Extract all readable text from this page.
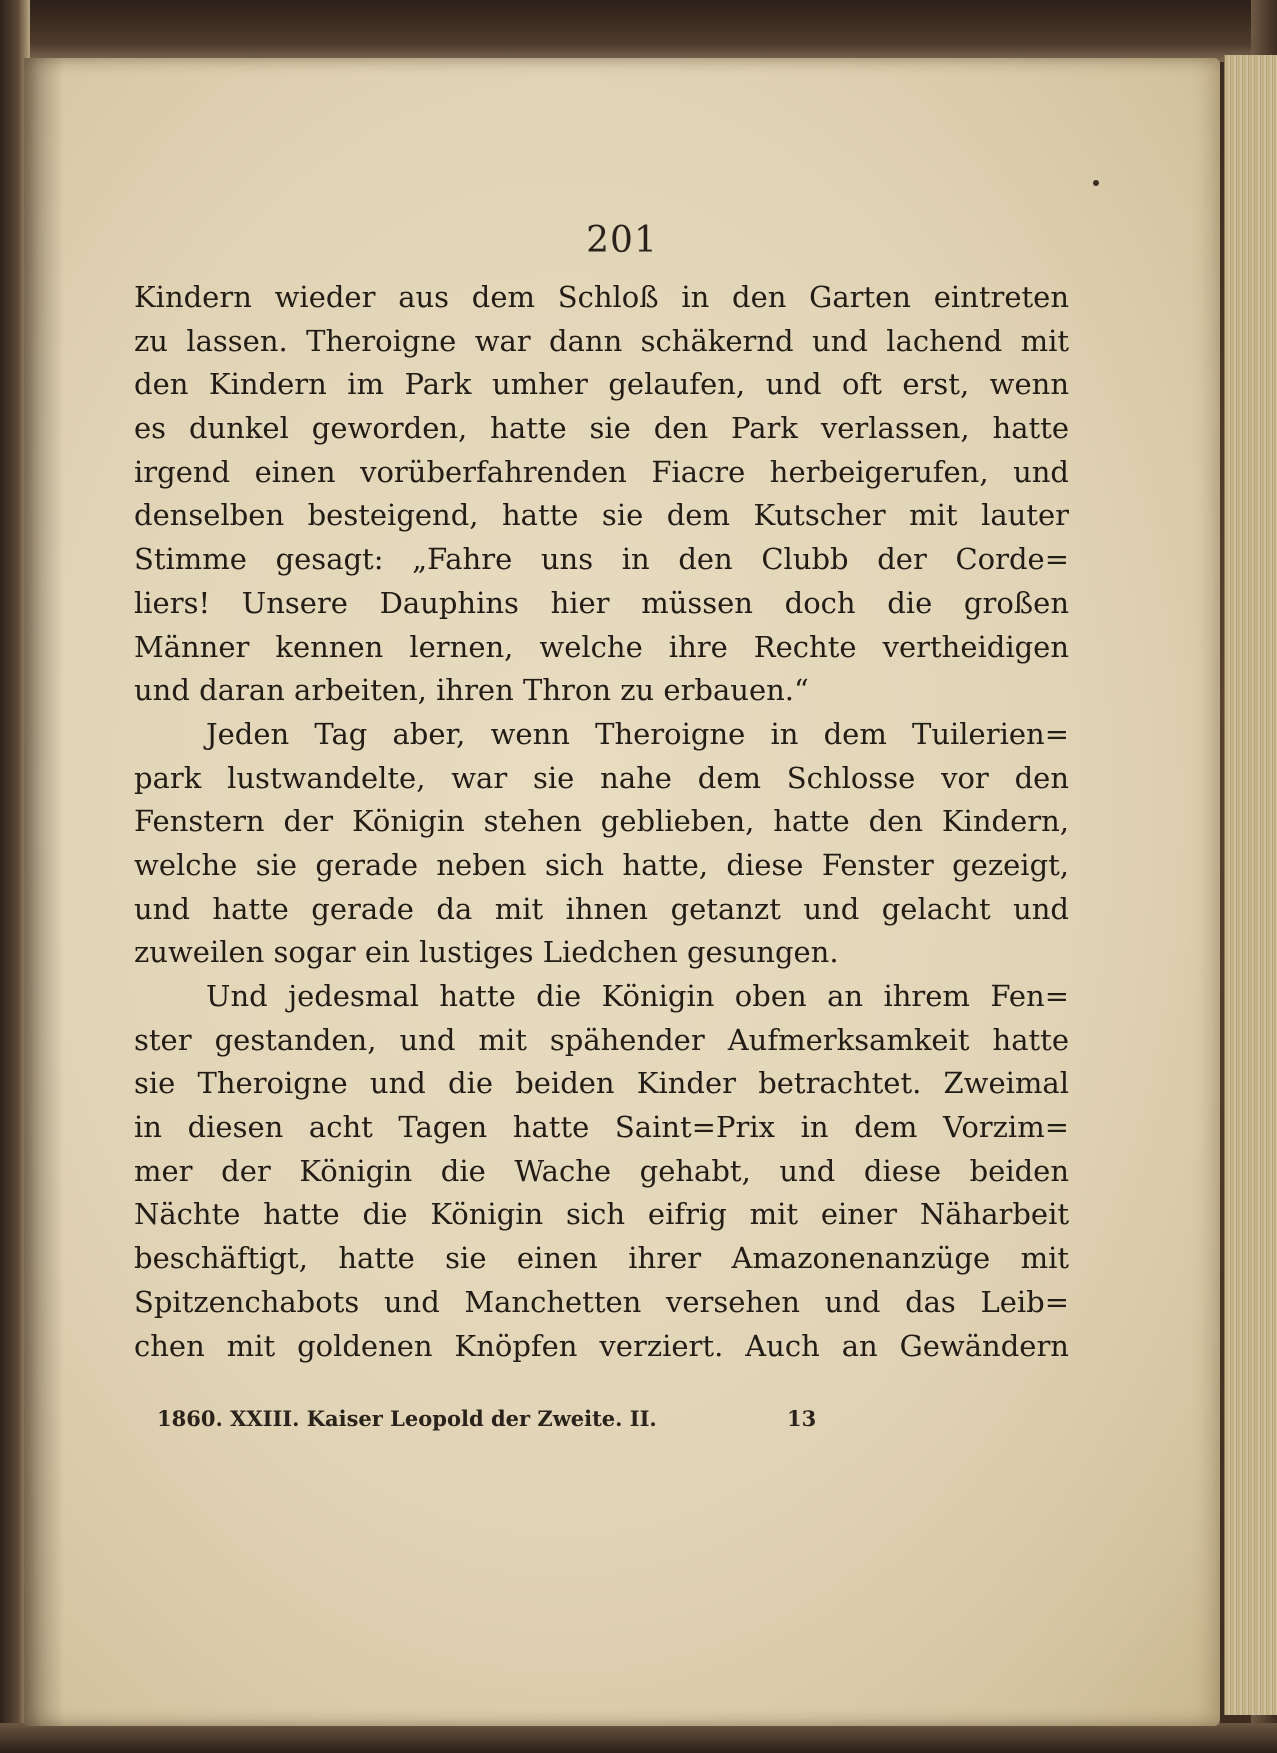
201
Kindern wieder aus dem Schloß in den Garten eintreten
zu lassen. Theroigne war dann schäkernd und lachend mit
den Kindern im Park umher gelaufen, und oft erst, wenn
es dunkel geworden, hatte sie den Park verlassen, hatte
irgend einen vorüberfahrenden Fiacre herbeigerufen, und
denselben besteigend, hatte sie dem Kutscher mit lauter
Stimme gesagt: „Fahre uns in den Clubb der Corde=
liers! Unsere Dauphins hier müssen doch die großen
Männer kennen lernen, welche ihre Rechte vertheidigen
und daran arbeiten, ihren Thron zu erbauen.“
Jeden Tag aber, wenn Theroigne in dem Tuilerien=
park lustwandelte, war sie nahe dem Schlosse vor den
Fenstern der Königin stehen geblieben, hatte den Kindern,
welche sie gerade neben sich hatte, diese Fenster gezeigt,
und hatte gerade da mit ihnen getanzt und gelacht und
zuweilen sogar ein lustiges Liedchen gesungen.
Und jedesmal hatte die Königin oben an ihrem Fen=
ster gestanden, und mit spähender Aufmerksamkeit hatte
sie Theroigne und die beiden Kinder betrachtet. Zweimal
in diesen acht Tagen hatte Saint=Prix in dem Vorzim=
mer der Königin die Wache gehabt, und diese beiden
Nächte hatte die Königin sich eifrig mit einer Näharbeit
beschäftigt, hatte sie einen ihrer Amazonenanzüge mit
Spitzenchabots und Manchetten versehen und das Leib=
chen mit goldenen Knöpfen verziert. Auch an Gewändern
1860. XXIII. Kaiser Leopold der Zweite. II.	13
